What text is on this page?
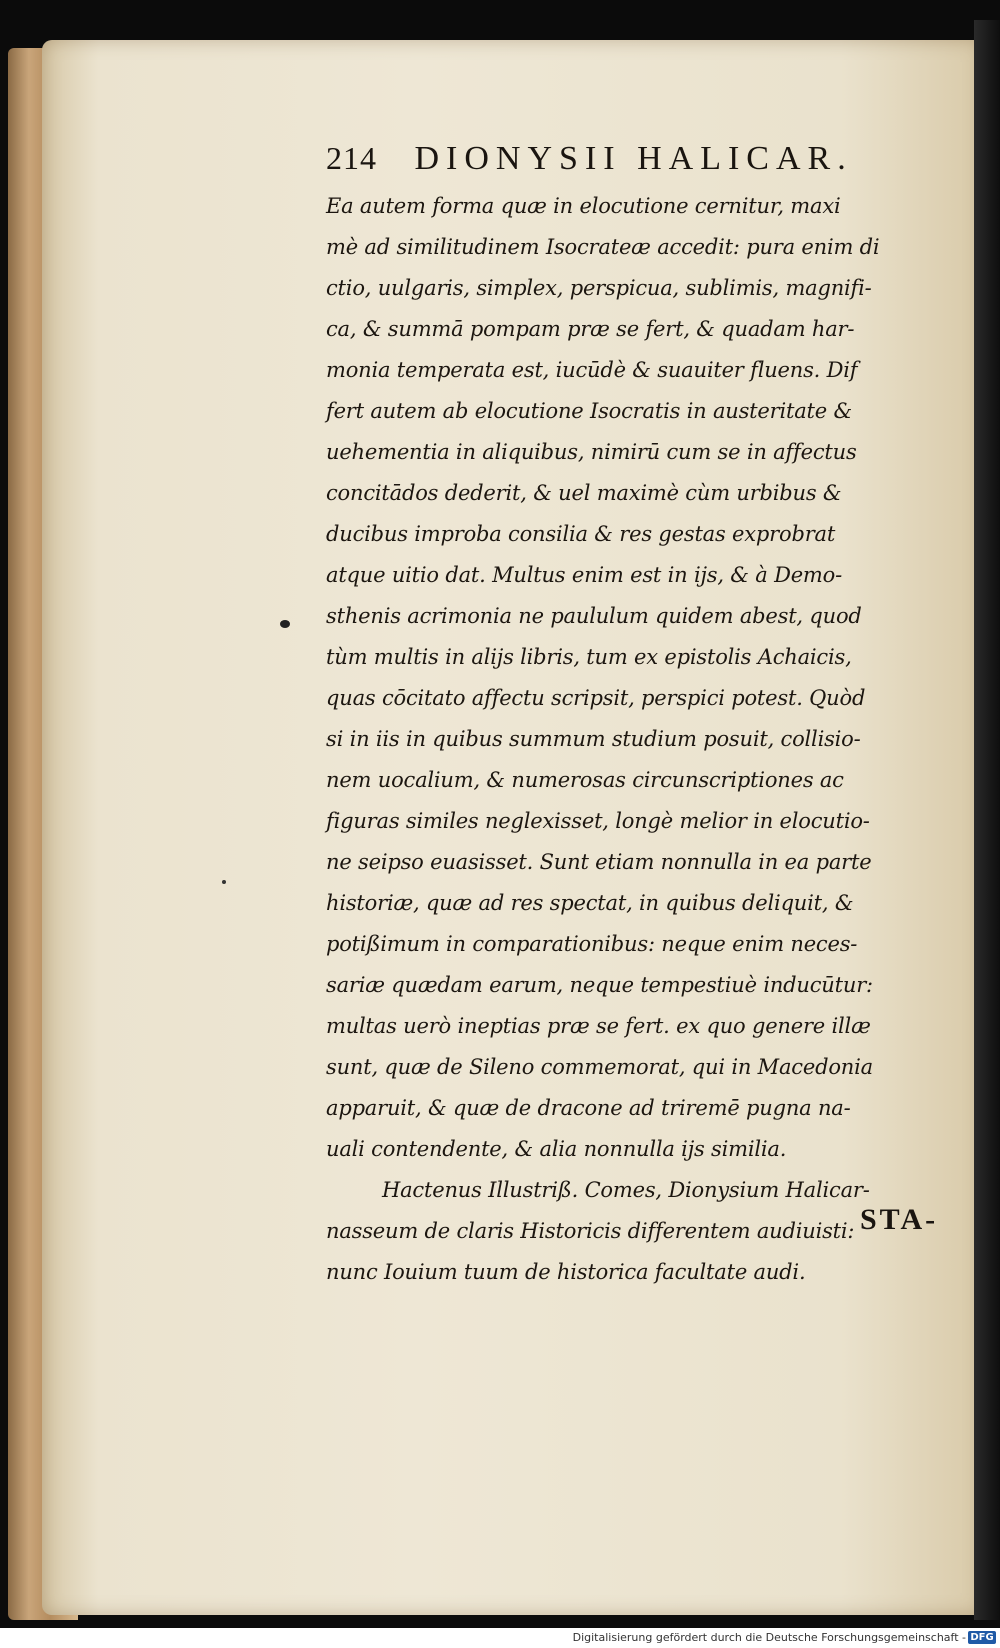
214 DIONYSII HALICAR.
Ea autem forma quæ in elocutione cernitur, maxi
mè ad similitudinem Isocrateæ accedit: pura enim di
ctio, uulgaris, simplex, perspicua, sublimis, magnifi-
ca, & summā pompam præ se fert, & quadam har-
monia temperata est, iucūdè & suauiter fluens. Dif
fert autem ab elocutione Isocratis in austeritate &
uehementia in aliquibus, nimirū cum se in affectus
concitādos dederit, & uel maximè cùm urbibus &
ducibus improba consilia & res gestas exprobrat
atque uitio dat. Multus enim est in ijs, & à Demo-
sthenis acrimonia ne paululum quidem abest, quod
tùm multis in alijs libris, tum ex epistolis Achaicis,
quas cōcitato affectu scripsit, perspici potest. Quòd
si in iis in quibus summum studium posuit, collisio-
nem uocalium, & numerosas circunscriptiones ac
figuras similes neglexisset, longè melior in elocutio-
ne seipso euasisset. Sunt etiam nonnulla in ea parte
historiæ, quæ ad res spectat, in quibus deliquit, &
potißimum in comparationibus: neque enim neces-
sariæ quædam earum, neque tempestiuè inducūtur:
multas uerò ineptias præ se fert. ex quo genere illæ
sunt, quæ de Sileno commemorat, qui in Macedonia
apparuit, & quæ de dracone ad triremē pugna na-
uali contendente, & alia nonnulla ijs similia.
Hactenus Illustriß. Comes, Dionysium Halicar-
nasseum de claris Historicis differentem audiuisti:
nunc Iouium tuum de historica facultate audi.
STA-
Digitalisierung gefördert durch die Deutsche Forschungsgemeinschaft - DFG
